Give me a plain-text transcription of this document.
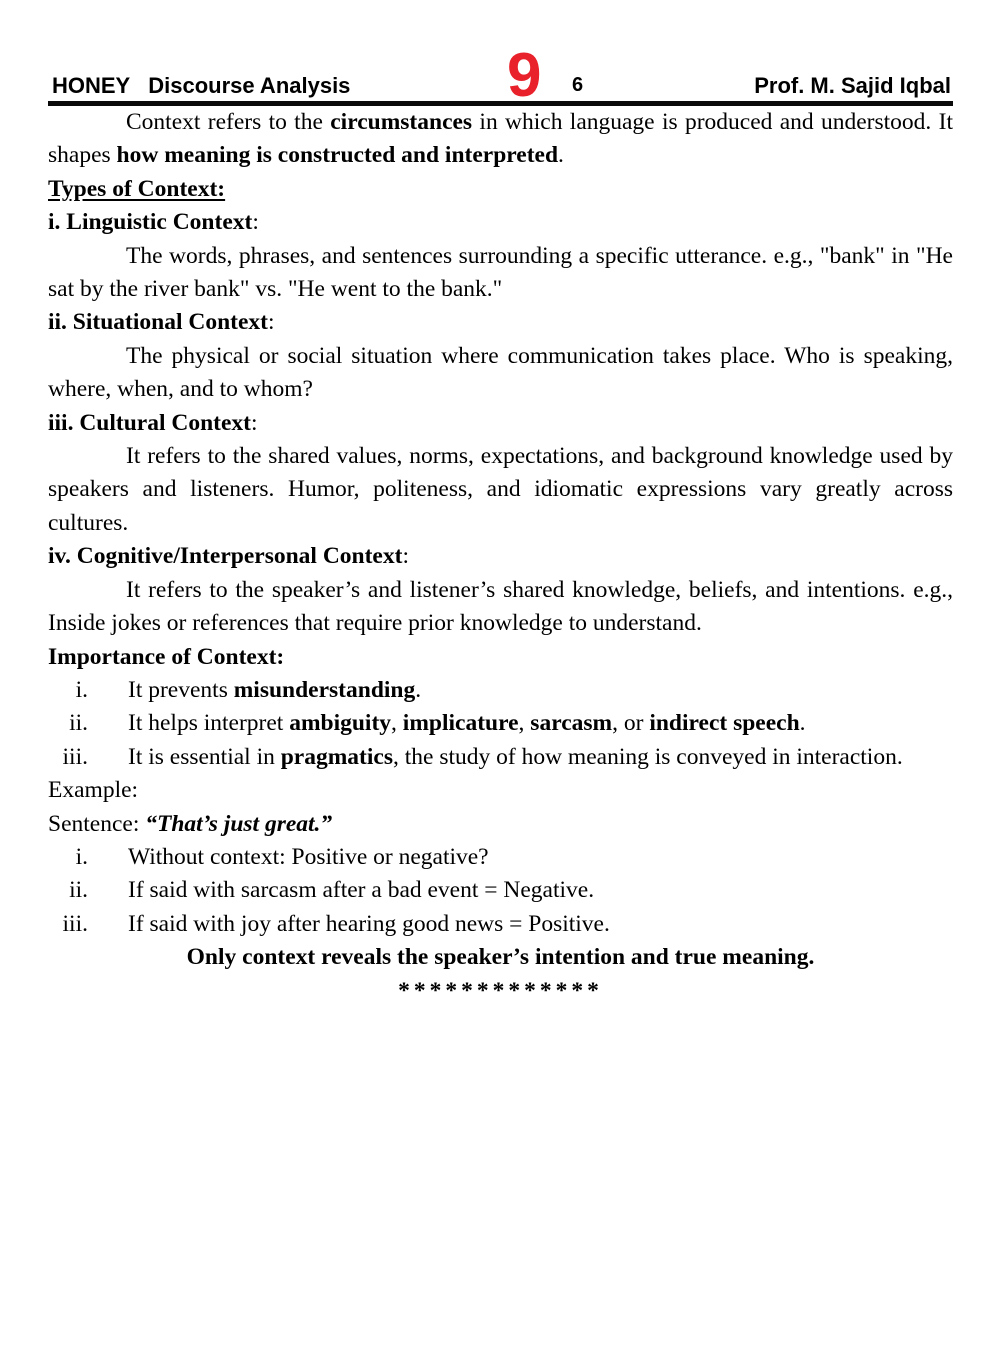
HONEY Discourse Analysis	9 6	Prof. M. Sajid Iqbal
Context refers to the circumstances in which language is produced and understood. It shapes how meaning is constructed and interpreted.
Types of Context:
i. Linguistic Context:
The words, phrases, and sentences surrounding a specific utterance. e.g., "bank" in "He sat by the river bank" vs. "He went to the bank."
ii. Situational Context:
The physical or social situation where communication takes place. Who is speaking, where, when, and to whom?
iii. Cultural Context:
It refers to the shared values, norms, expectations, and background knowledge used by speakers and listeners. Humor, politeness, and idiomatic expressions vary greatly across cultures.
iv. Cognitive/Interpersonal Context:
It refers to the speaker’s and listener’s shared knowledge, beliefs, and intentions. e.g., Inside jokes or references that require prior knowledge to understand.
Importance of Context:
i.	It prevents misunderstanding.
ii.	It helps interpret ambiguity, implicature, sarcasm, or indirect speech.
iii.	It is essential in pragmatics, the study of how meaning is conveyed in interaction.
Example:
Sentence: “That’s just great.”
i.	Without context: Positive or negative?
ii.	If said with sarcasm after a bad event = Negative.
iii.	If said with joy after hearing good news = Positive.
Only context reveals the speaker’s intention and true meaning.
*************
